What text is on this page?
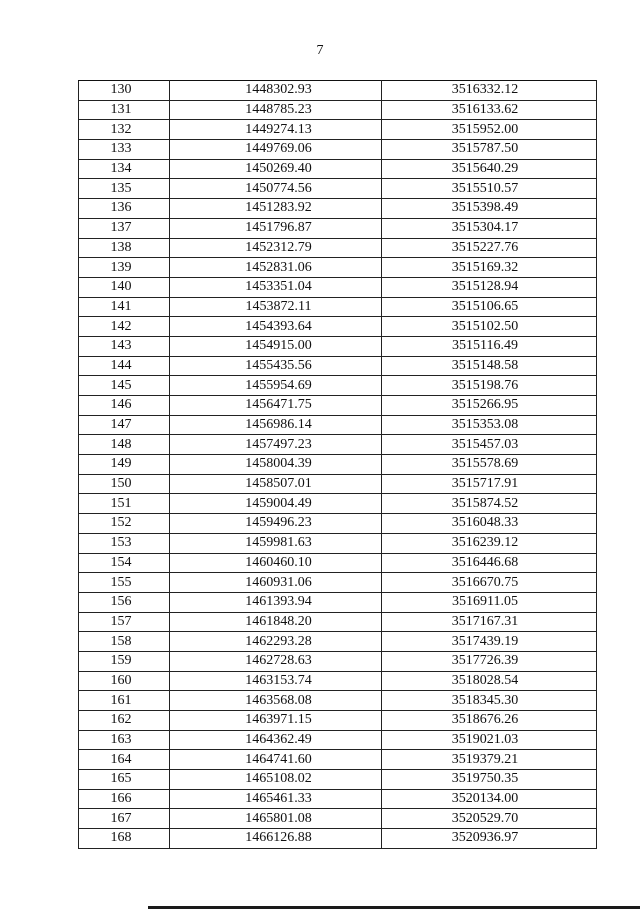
7
130	1448302.93	3516332.12
131	1448785.23	3516133.62
132	1449274.13	3515952.00
133	1449769.06	3515787.50
134	1450269.40	3515640.29
135	1450774.56	3515510.57
136	1451283.92	3515398.49
137	1451796.87	3515304.17
138	1452312.79	3515227.76
139	1452831.06	3515169.32
140	1453351.04	3515128.94
141	1453872.11	3515106.65
142	1454393.64	3515102.50
143	1454915.00	3515116.49
144	1455435.56	3515148.58
145	1455954.69	3515198.76
146	1456471.75	3515266.95
147	1456986.14	3515353.08
148	1457497.23	3515457.03
149	1458004.39	3515578.69
150	1458507.01	3515717.91
151	1459004.49	3515874.52
152	1459496.23	3516048.33
153	1459981.63	3516239.12
154	1460460.10	3516446.68
155	1460931.06	3516670.75
156	1461393.94	3516911.05
157	1461848.20	3517167.31
158	1462293.28	3517439.19
159	1462728.63	3517726.39
160	1463153.74	3518028.54
161	1463568.08	3518345.30
162	1463971.15	3518676.26
163	1464362.49	3519021.03
164	1464741.60	3519379.21
165	1465108.02	3519750.35
166	1465461.33	3520134.00
167	1465801.08	3520529.70
168	1466126.88	3520936.97
